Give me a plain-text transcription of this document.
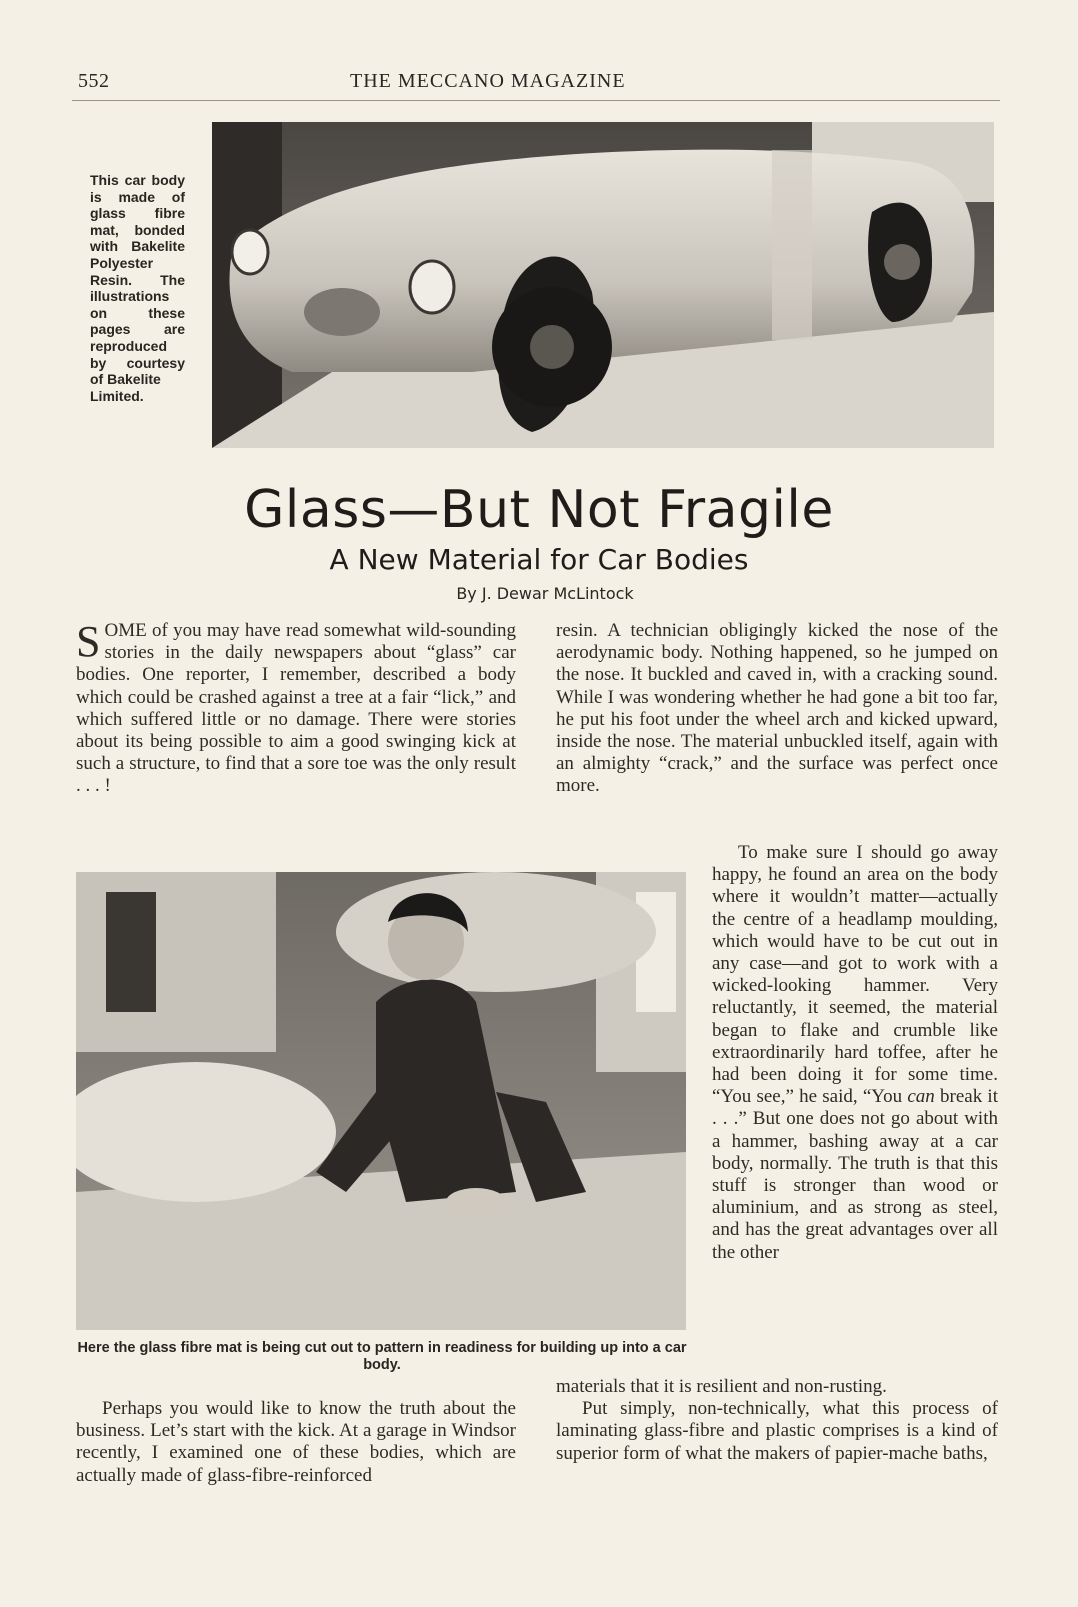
552	THE MECCANO MAGAZINE
This car body is made of glass fibre mat, bonded with Bakelite Polyester Resin. The illustrations on these pages are reproduced by courtesy of Bakelite
Limited.
Glass—But Not Fragile
A New Material for Car Bodies
By J. Dewar McLintock

SOME of you may have read somewhat wild-sounding stories in the daily newspapers about “glass” car bodies. One reporter, I remember, described a body which could be crashed against a tree at a fair “lick,” and which suffered little or no damage. There were stories about its being possible to aim a good swinging kick at such a structure, to find that a sore toe was the only result . . . !

resin. A technician obligingly kicked the nose of the aerodynamic body. Nothing happened, so he jumped on the nose. It buckled and caved in, with a cracking sound. While I was wondering whether he had gone a bit too far, he put his foot under the wheel arch and kicked upward, inside the nose. The material unbuckled itself, again with an almighty “crack,” and the surface was perfect once more.

To make sure I should go away happy, he found an area on the body where it wouldn’t matter—actually the centre of a headlamp moulding, which would have to be cut out in any case—and got to work with a wicked-looking hammer. Very reluctantly, it seemed, the material began to flake and crumble like extraordinarily hard toffee, after he had been doing it for some time. “You see,” he said, “You can break it . . .” But one does not go about with a hammer, bashing away at a car body, normally. The truth is that this stuff is stronger than wood or aluminium, and as strong as steel, and has the great advantages over all the other

Here the glass fibre mat is being cut out to pattern in readiness for building up into a car body.

Perhaps you would like to know the truth about the business. Let’s start with the kick. At a garage in Windsor recently, I examined one of these bodies, which are actually made of glass-fibre-reinforced

materials that it is resilient and non-rusting.

Put simply, non-technically, what this process of laminating glass-fibre and plastic comprises is a kind of superior form of what the makers of papier-mache baths,
